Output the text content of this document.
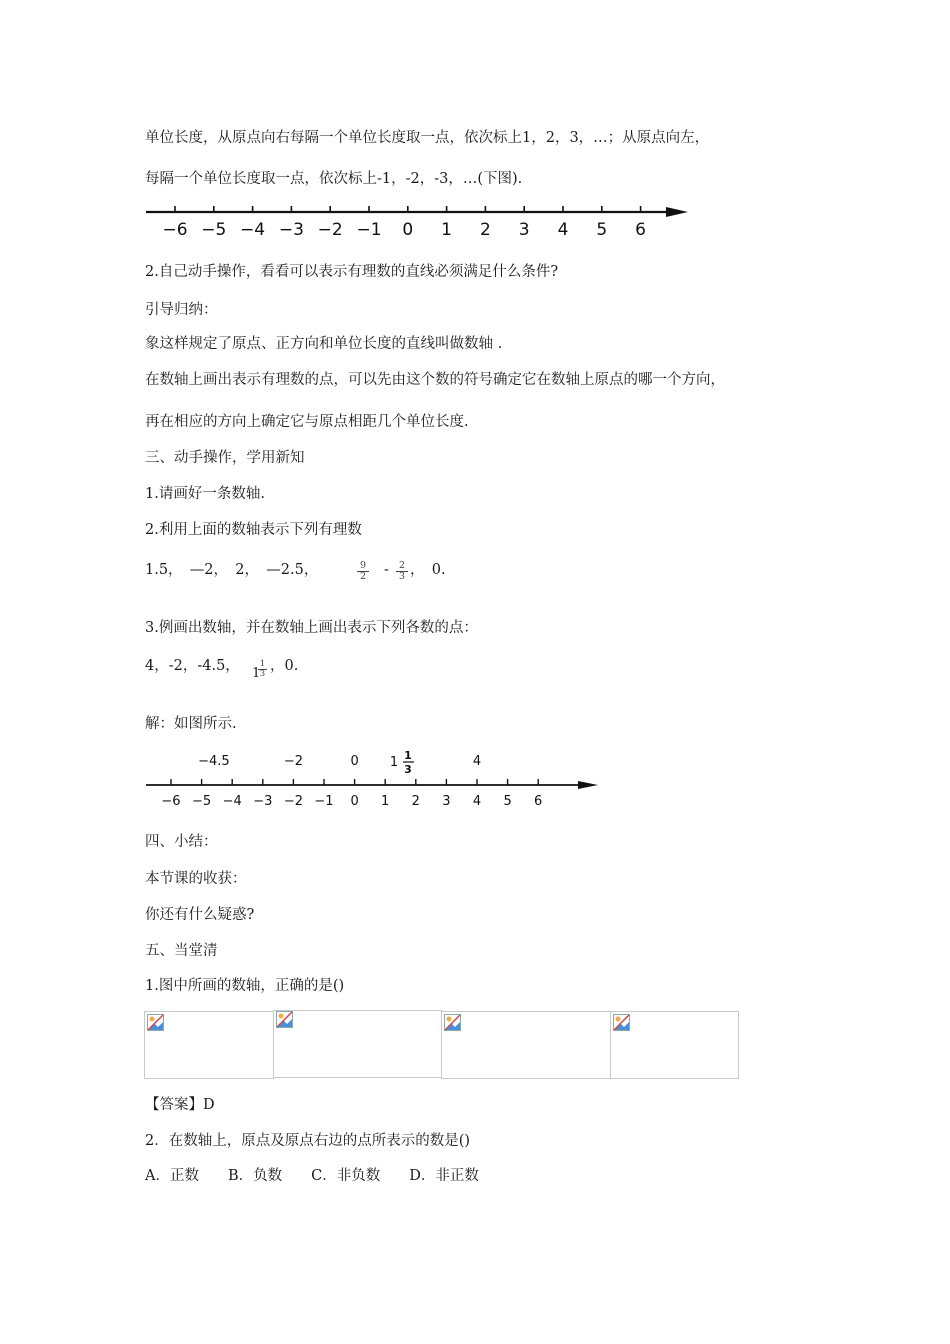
单位长度，从原点向右每隔一个单位长度取一点，依次标上1，2，3，…；从原点向左，
每隔一个单位长度取一点，依次标上-1，-2，-3，…(下图).
−6 −5 −4 −3 −2 −1 0 1 2 3 4 5 6
2.自己动手操作，看看可以表示有理数的直线必须满足什么条件?
引导归纳：
象这样规定了原点、正方向和单位长度的直线叫做数轴 .
在数轴上画出表示有理数的点，可以先由这个数的符号确定它在数轴上原点的哪一个方向，
再在相应的方向上确定它与原点相距几个单位长度.
三、动手操作，学用新知
1.请画好一条数轴.
2.利用上面的数轴表示下列有理数
1.5，　—2，　2，　—2.5，	$\frac{9}{2} - \frac{2}{3}$ ，　0.
3.例画出数轴，并在数轴上画出表示下列各数的点：
4，-2，-4.5， 1
$\frac{1}{3}$ ，0.
解：如图所示.
−4.5	−2	0	4
1 1
3
−6 −5 −4 −3 −2 −1 0 1 2 3 4 5 6
四、小结：
本节课的收获：
你还有什么疑惑?
五、当堂清
1.图中所画的数轴，正确的是()
【答案】D
2．在数轴上，原点及原点右边的点所表示的数是()
A．正数　　B．负数　　C．非负数　　D．非正数
